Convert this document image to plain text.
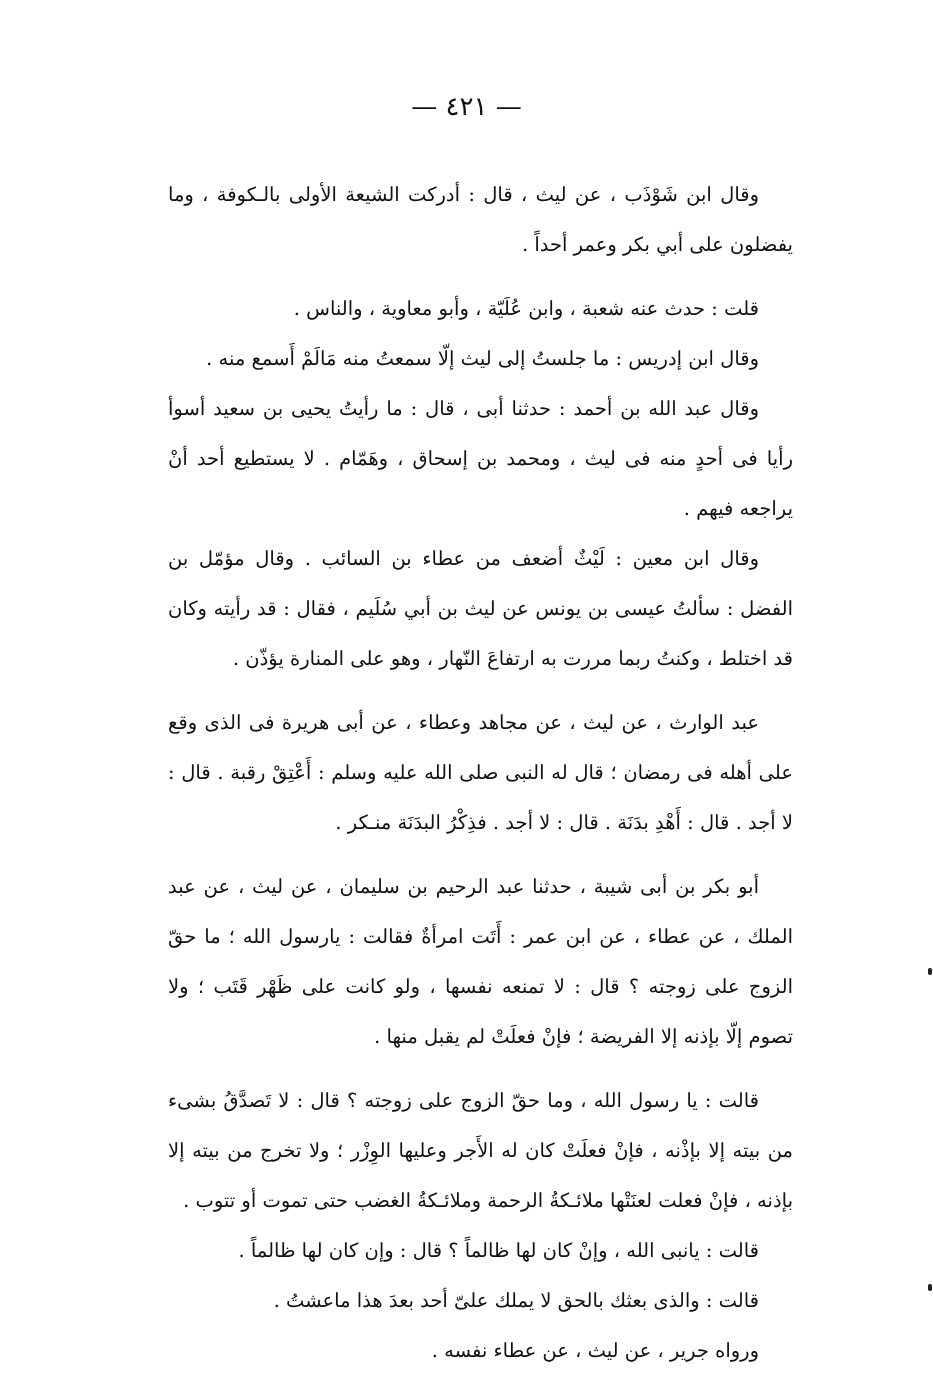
— ٤٢١ —

وقال ابن شَوْذَب ، عن ليث ، قال : أدركت الشيعة الأولى بالـكوفة ، وما يفضلون على أبي بكر وعمر أحداً .

قلت : حدث عنه شعبة ، وابن عُلَيّة ، وأبو معاوية ، والناس .

وقال ابن إدريس : ما جلستُ إلى ليث إلّا سمعتُ منه مَالَمْ أَسمع منه .

وقال عبد الله بن أحمد : حدثنا أبى ، قال : ما رأيتُ يحيى بن سعيد أسوأ رأيا فى أحدٍ منه فى ليث ، ومحمد بن إسحاق ، وهَمّام . لا يستطيع أحد أنْ يراجعه فيهم .

وقال ابن معين : لَيْثٌ أضعف من عطاء بن السائب . وقال مؤمّل بن الفضل : سألتُ عيسى بن يونس عن ليث بن أبي سُلَيم ، فقال : قد رأيته وكان قد اختلط ، وكنتُ ربما مررت به ارتفاعَ النّهار ، وهو على المنارة يؤذّن .

عبد الوارث ، عن ليث ، عن مجاهد وعطاء ، عن أبى هريرة فى الذى وقع على أهله فى رمضان ؛ قال له النبى صلى الله عليه وسلم : أَعْتِقْ رقبة . قال : لا أجد . قال : أَهْدِ بدَنَة . قال : لا أجد . فذِكْرُ البدَنَة منـكر .

أبو بكر بن أبى شيبة ، حدثنا عبد الرحيم بن سليمان ، عن ليث ، عن عبد الملك ، عن عطاء ، عن ابن عمر : أَتَت امرأةٌ فقالت : يارسول الله ؛ ما حقّ الزوج على زوجته ؟ قال : لا تمنعه نفسها ، ولو كانت على ظَهْر قَتَب ؛ ولا تصوم إلّا بإذنه إلا الفريضة ؛ فإنْ فعلَتْ لم يقبل منها .

قالت : يا رسول الله ، وما حقّ الزوج على زوجته ؟ قال : لا تَصدَّقُ بشىء من بيته إلا بإذْنه ، فإنْ فعلَتْ كان له الأَجر وعليها الوِزْر ؛ ولا تخرج من بيته إلا بإذنه ، فإنْ فعلت لعنَتْها ملائـكةُ الرحمة وملائـكةُ الغضب حتى تموت أو تتوب .

قالت : يانبى الله ، وإنْ كان لها ظالماً ؟ قال : وإن كان لها ظالماً .

قالت : والذى بعثك بالحق لا يملك علىّ أحد بعدَ هذا ماعشتُ .

ورواه جرير ، عن ليث ، عن عطاء نفسه .
